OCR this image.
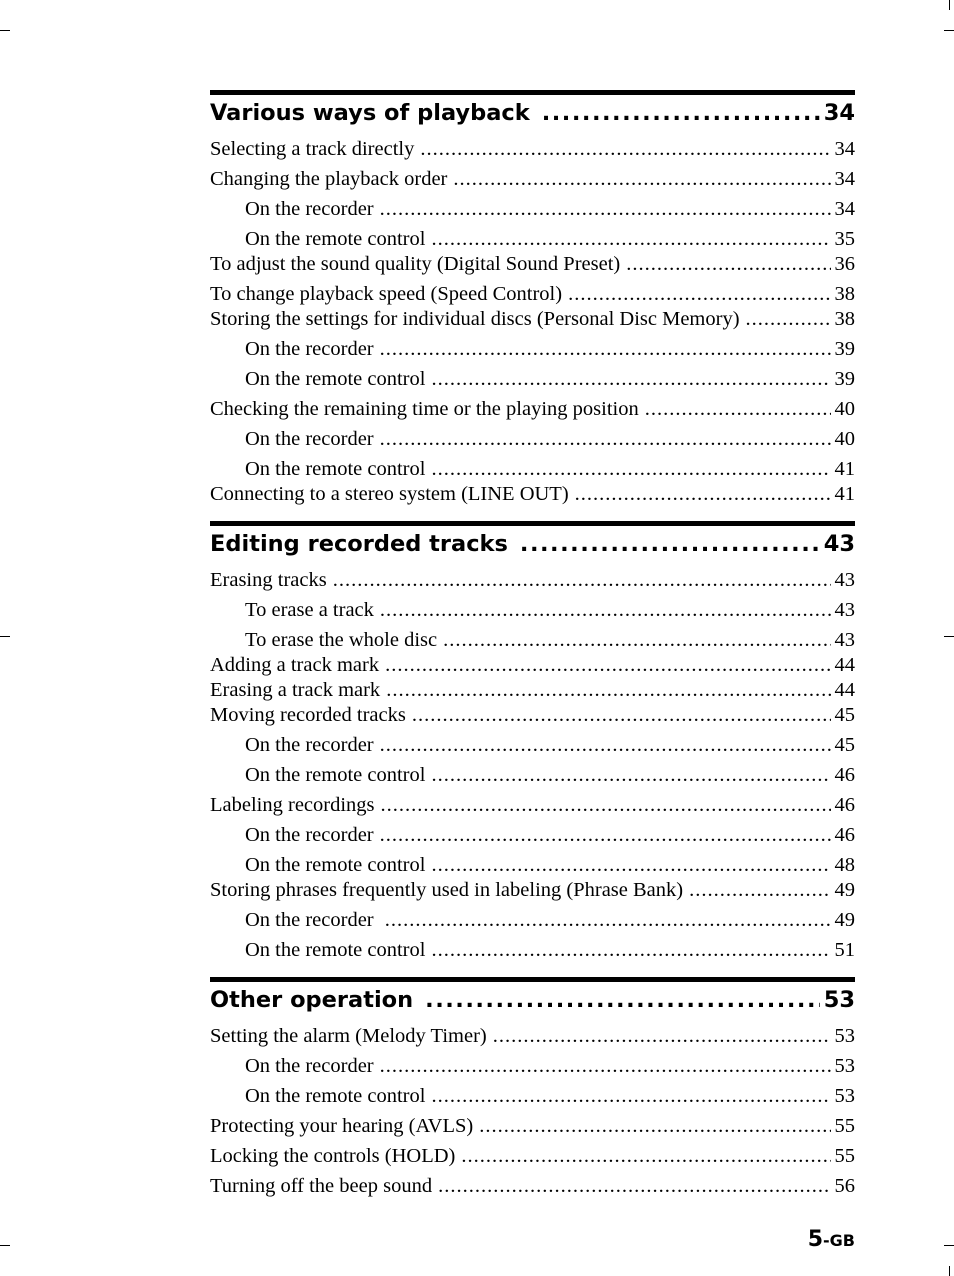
Various ways of playback .....	34
Selecting a track directly .....	34
Changing the playback order .....	34
On the recorder .....	34
On the remote control .....	35
To adjust the sound quality (Digital Sound Preset) .....	36
To change playback speed (Speed Control) .....	38
Storing the settings for individual discs (Personal Disc Memory) .....	38
On the recorder .....	39
On the remote control .....	39
Checking the remaining time or the playing position .....	40
On the recorder .....	40
On the remote control .....	41
Connecting to a stereo system (LINE OUT) .....	41
Editing recorded tracks .....	43
Erasing tracks .....	43
To erase a track .....	43
To erase the whole disc .....	43
Adding a track mark .....	44
Erasing a track mark .....	44
Moving recorded tracks .....	45
On the recorder .....	45
On the remote control .....	46
Labeling recordings .....	46
On the recorder .....	46
On the remote control .....	48
Storing phrases frequently used in labeling (Phrase Bank) .....	49
On the recorder .....	49
On the remote control .....	51
Other operation .....	53
Setting the alarm (Melody Timer) .....	53
On the recorder .....	53
On the remote control .....	53
Protecting your hearing (AVLS) .....	55
Locking the controls (HOLD) .....	55
Turning off the beep sound .....	56
5-GB
